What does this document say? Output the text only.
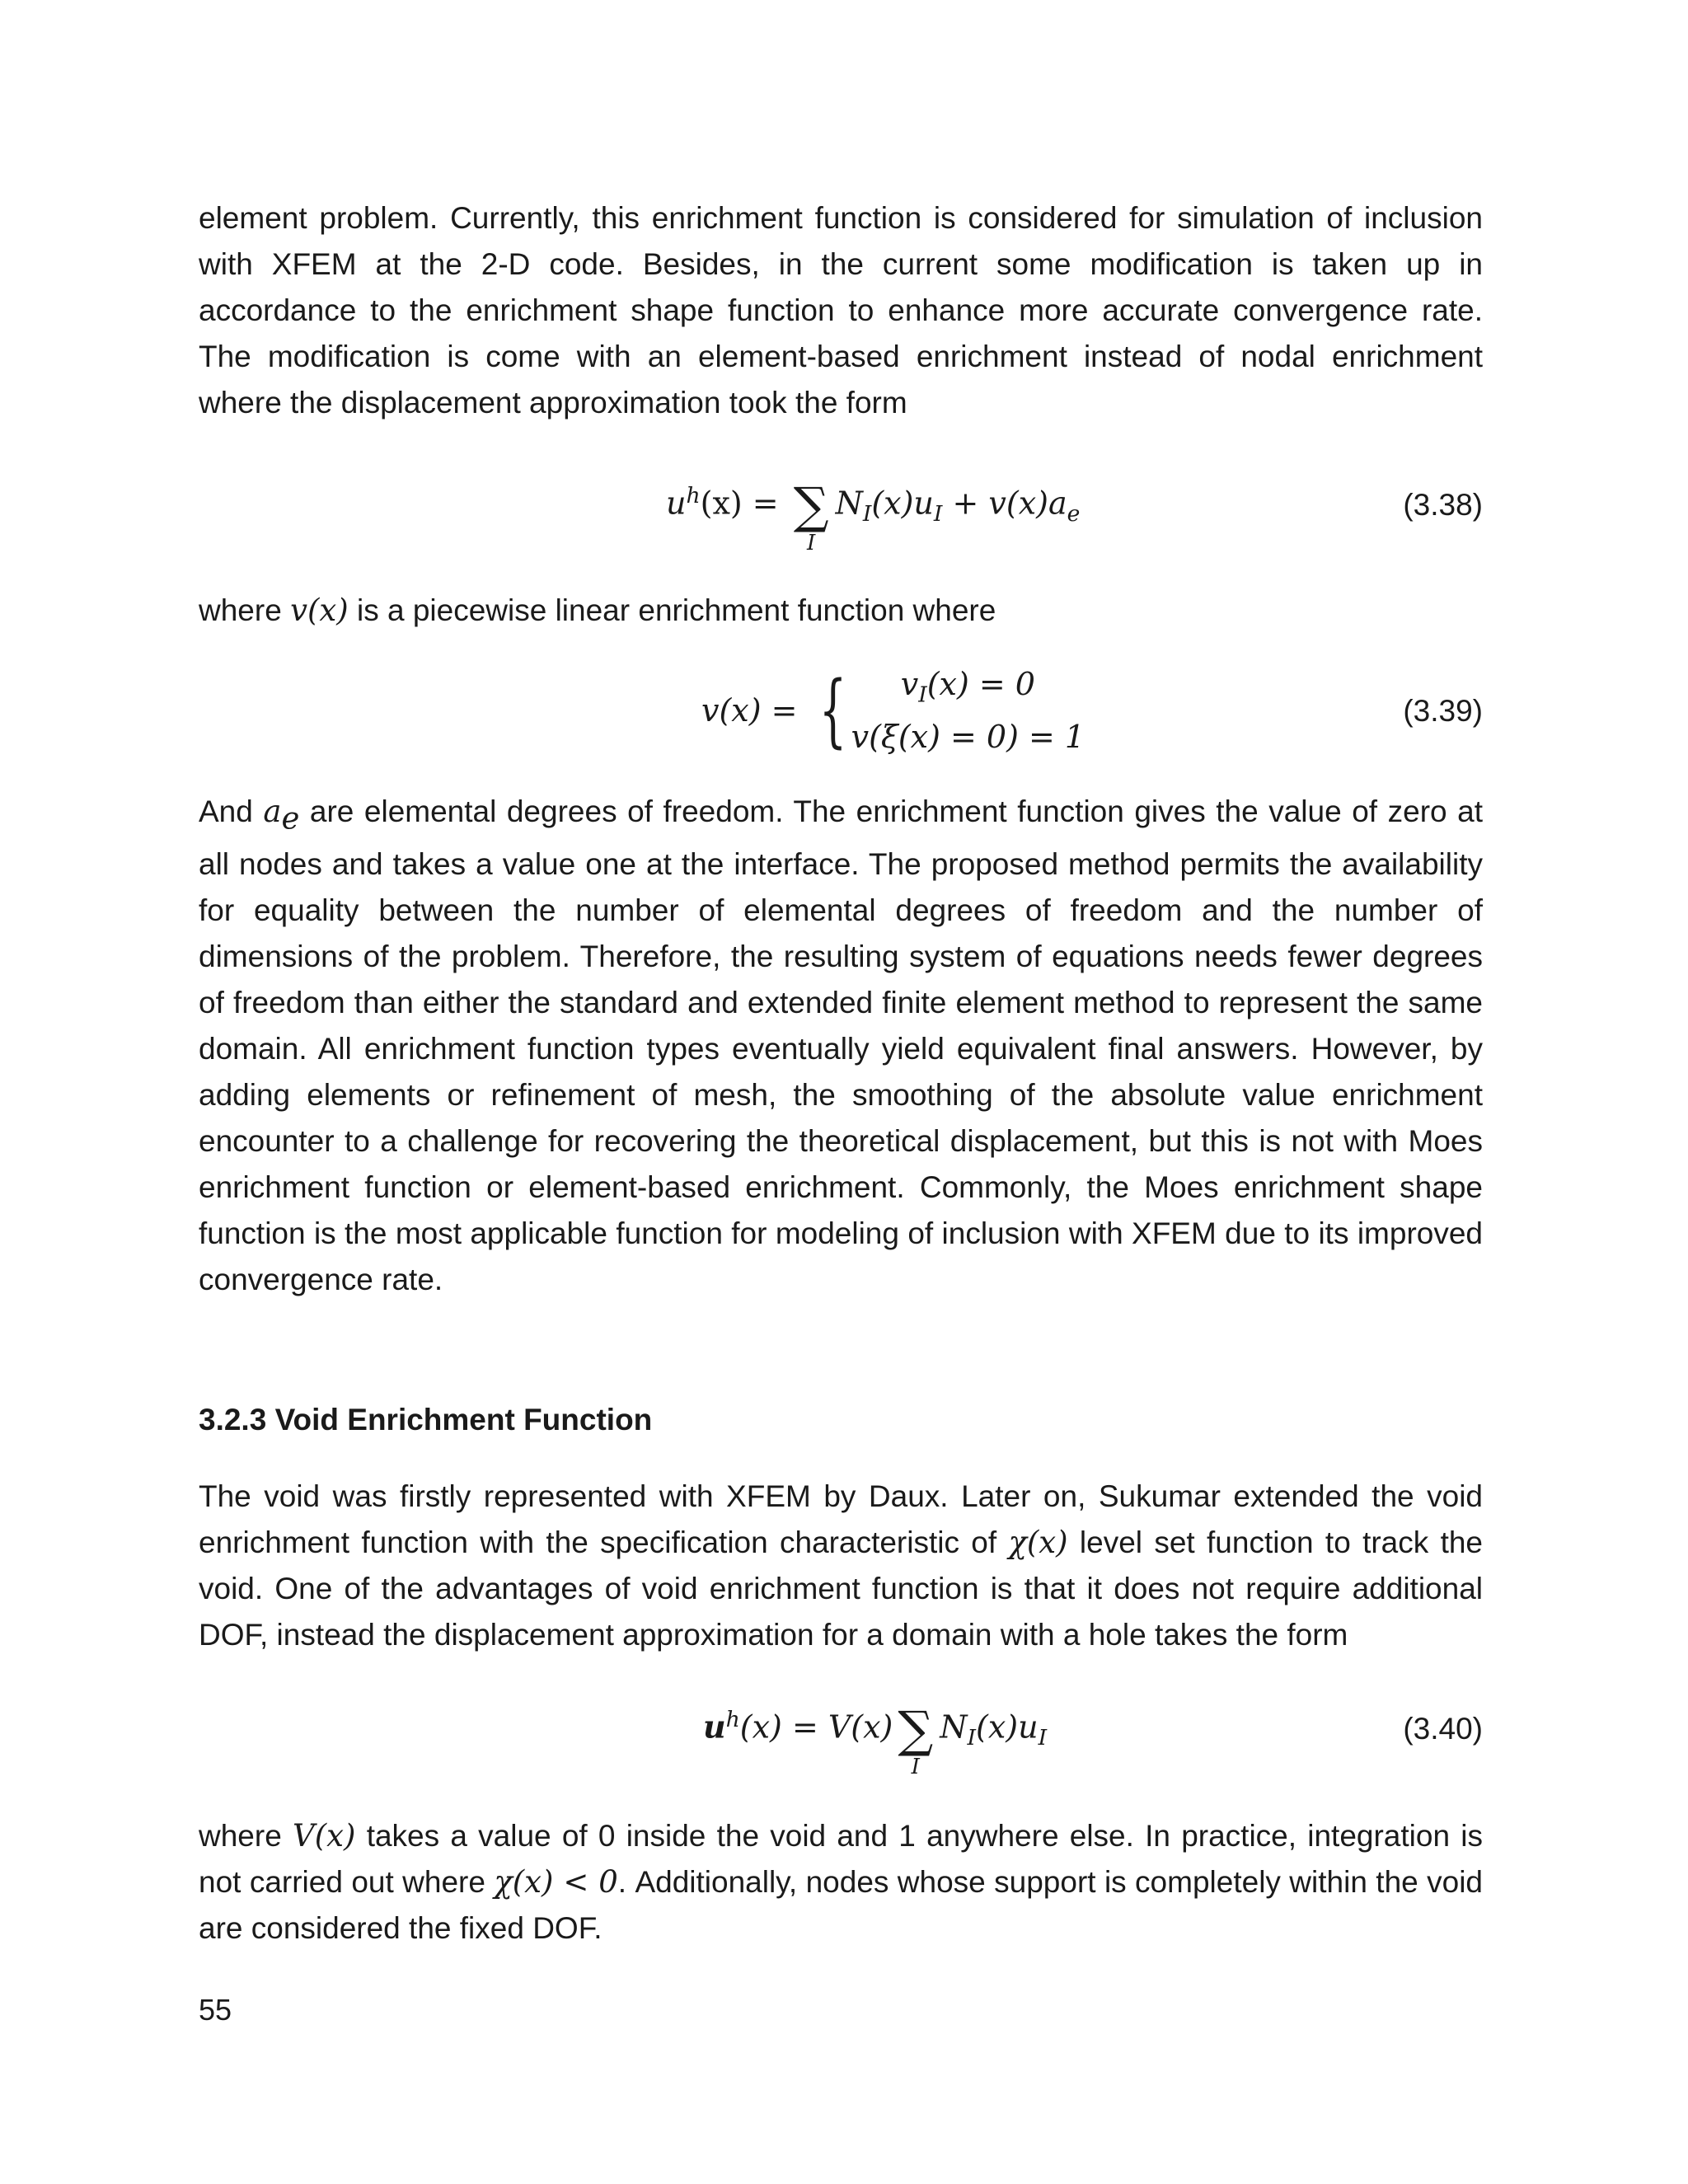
element problem. Currently, this enrichment function is considered for simulation of inclusion with XFEM at the 2-D code. Besides, in the current some modification is taken up in accordance to the enrichment shape function to enhance more accurate convergence rate. The modification is come with an element-based enrichment instead of nodal enrichment where the displacement approximation took the form
$u^h(x)$ = ∑
I
$N_I(x)u_I + v(x)a_e$	(3.38)
where v(x) is a piecewise linear enrichment function where
v(x) = {	$v_I(x) = 0$
v(ξ(x) = 0) = 1
(3.39)
And $a_e$ are elemental degrees of freedom. The enrichment function gives the value of zero at all nodes and takes a value one at the interface. The proposed method permits the availability for equality between the number of elemental degrees of freedom and the number of dimensions of the problem. Therefore, the resulting system of equations needs fewer degrees of freedom than either the standard and extended finite element method to represent the same domain. All enrichment function types eventually yield equivalent final answers. However, by adding elements or refinement of mesh, the smoothing of the absolute value enrichment encounter to a challenge for recovering the theoretical displacement, but this is not with Moes enrichment function or element-based enrichment. Commonly, the Moes enrichment shape function is the most applicable function for modeling of inclusion with XFEM due to its improved convergence rate.
3.2.3 Void Enrichment Function
The void was firstly represented with XFEM by Daux. Later on, Sukumar extended the void enrichment function with the specification characteristic of χ(x) level set function to track the void. One of the advantages of void enrichment function is that it does not require additional DOF, instead the displacement approximation for a domain with a hole takes the form
$u^h(x) = V(x)$ ∑
I
$N_I(x)u_I$	(3.40)
where V(x) takes a value of 0 inside the void and 1 anywhere else. In practice, integration is not carried out where χ(x) < 0. Additionally, nodes whose support is completely within the void are considered the fixed DOF.
55
